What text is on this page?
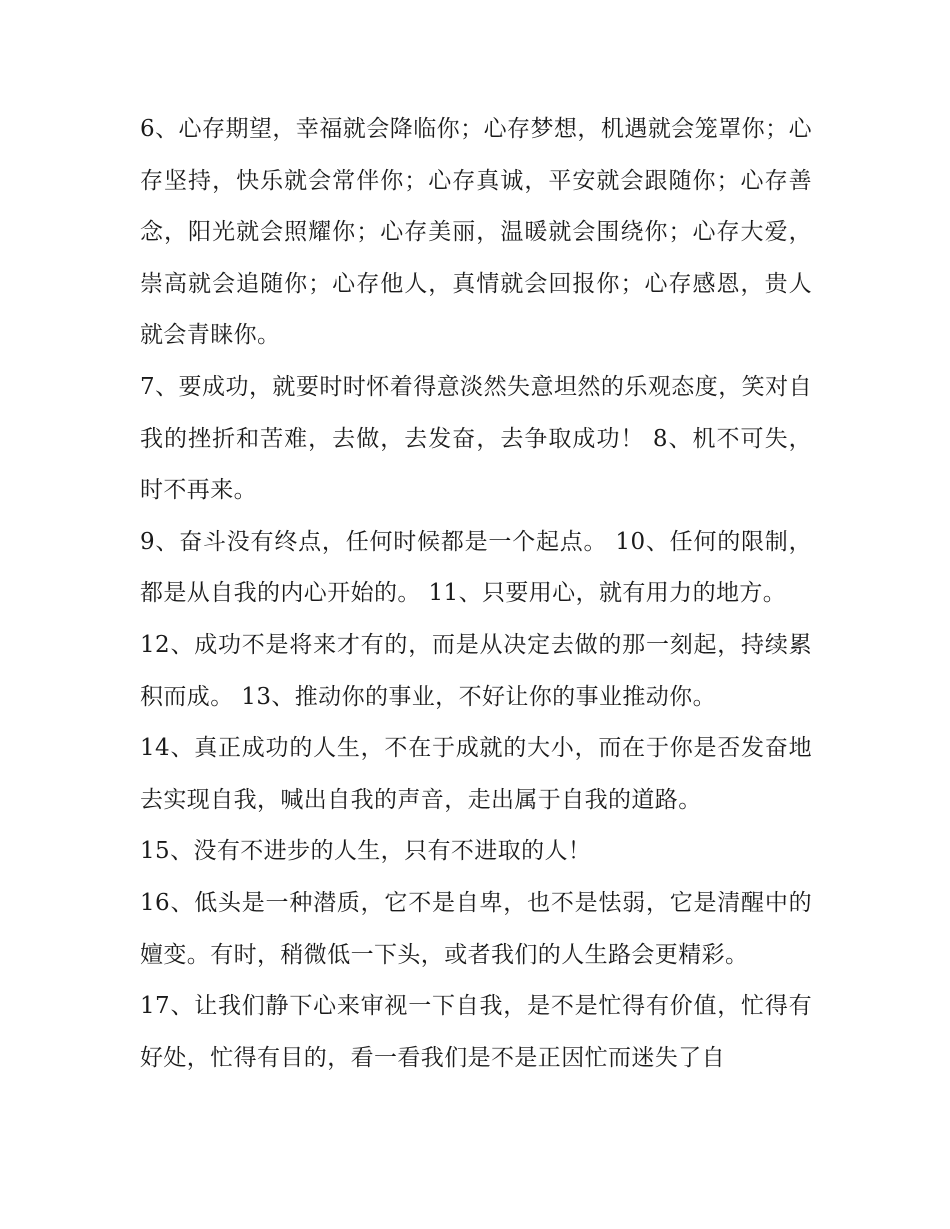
6、心存期望，幸福就会降临你；心存梦想，机遇就会笼罩你；心存坚持，快乐就会常伴你；心存真诚，平安就会跟随你；心存善念，阳光就会照耀你；心存美丽，温暖就会围绕你；心存大爱，崇高就会追随你；心存他人，真情就会回报你；心存感恩，贵人就会青睐你。

7、要成功，就要时时怀着得意淡然失意坦然的乐观态度，笑对自我的挫折和苦难，去做，去发奋，去争取成功！ 8、机不可失，时不再来。

9、奋斗没有终点，任何时候都是一个起点。 10、任何的限制，都是从自我的内心开始的。 11、只要用心，就有用力的地方。

12、成功不是将来才有的，而是从决定去做的那一刻起，持续累积而成。 13、推动你的事业，不好让你的事业推动你。

14、真正成功的人生，不在于成就的大小，而在于你是否发奋地去实现自我，喊出自我的声音，走出属于自我的道路。

15、没有不进步的人生，只有不进取的人！

16、低头是一种潜质，它不是自卑，也不是怯弱，它是清醒中的嬗变。有时，稍微低一下头，或者我们的人生路会更精彩。

17、让我们静下心来审视一下自我，是不是忙得有价值，忙得有好处，忙得有目的，看一看我们是不是正因忙而迷失了自
